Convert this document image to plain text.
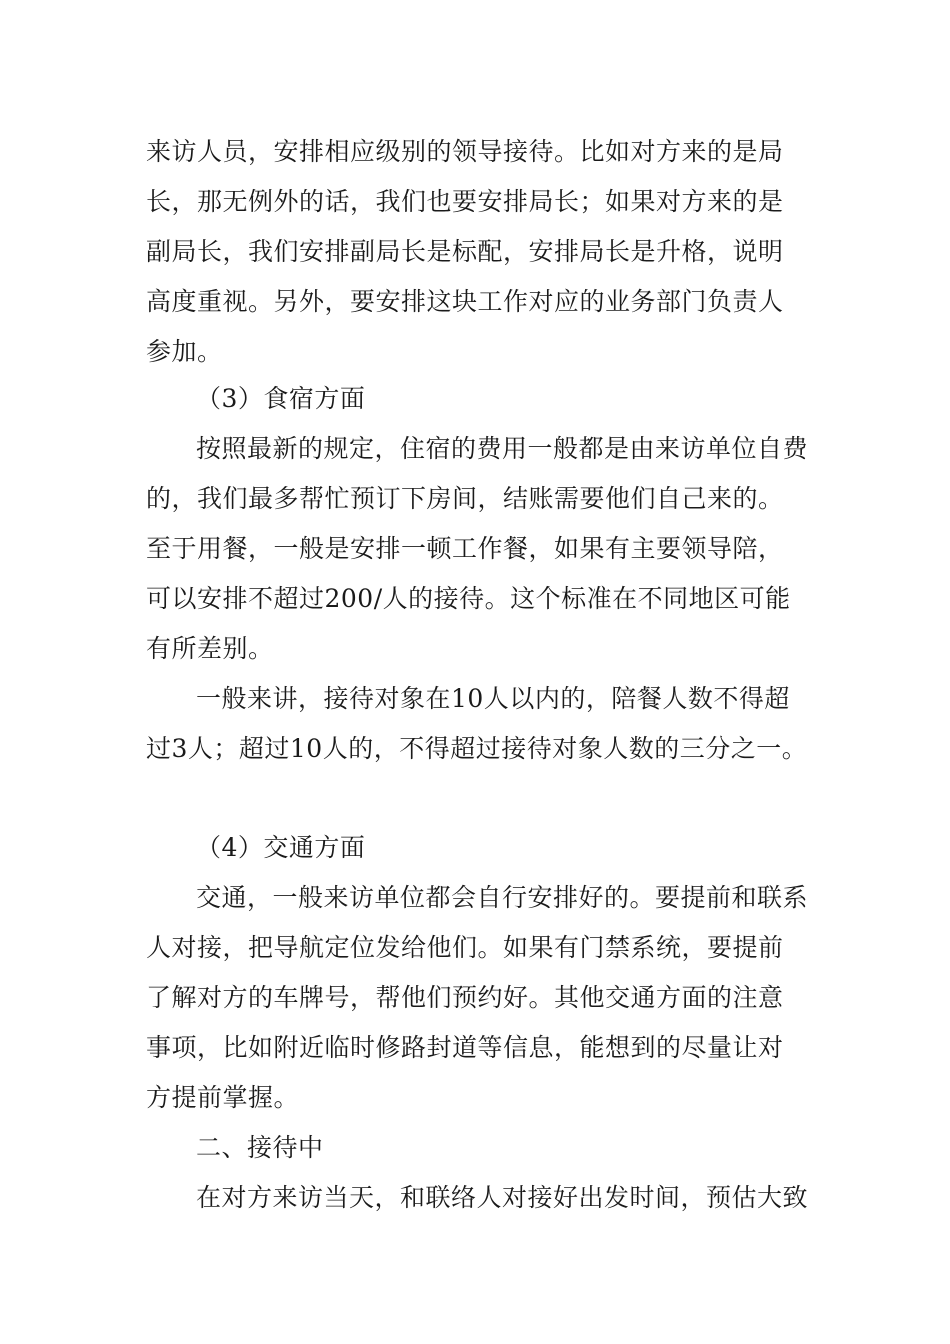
来访人员，安排相应级别的领导接待。比如对方来的是局
长，那无例外的话，我们也要安排局长；如果对方来的是
副局长，我们安排副局长是标配，安排局长是升格，说明
高度重视。另外，要安排这块工作对应的业务部门负责人
参加。
（3）食宿方面
按照最新的规定，住宿的费用一般都是由来访单位自费
的，我们最多帮忙预订下房间，结账需要他们自己来的。
至于用餐，一般是安排一顿工作餐，如果有主要领导陪，
可以安排不超过200/人的接待。这个标准在不同地区可能
有所差别。
一般来讲，接待对象在10人以内的，陪餐人数不得超
过3人；超过10人的，不得超过接待对象人数的三分之一。
（4）交通方面
交通，一般来访单位都会自行安排好的。要提前和联系
人对接，把导航定位发给他们。如果有门禁系统，要提前
了解对方的车牌号，帮他们预约好。其他交通方面的注意
事项，比如附近临时修路封道等信息，能想到的尽量让对
方提前掌握。
二、接待中
在对方来访当天，和联络人对接好出发时间，预估大致
